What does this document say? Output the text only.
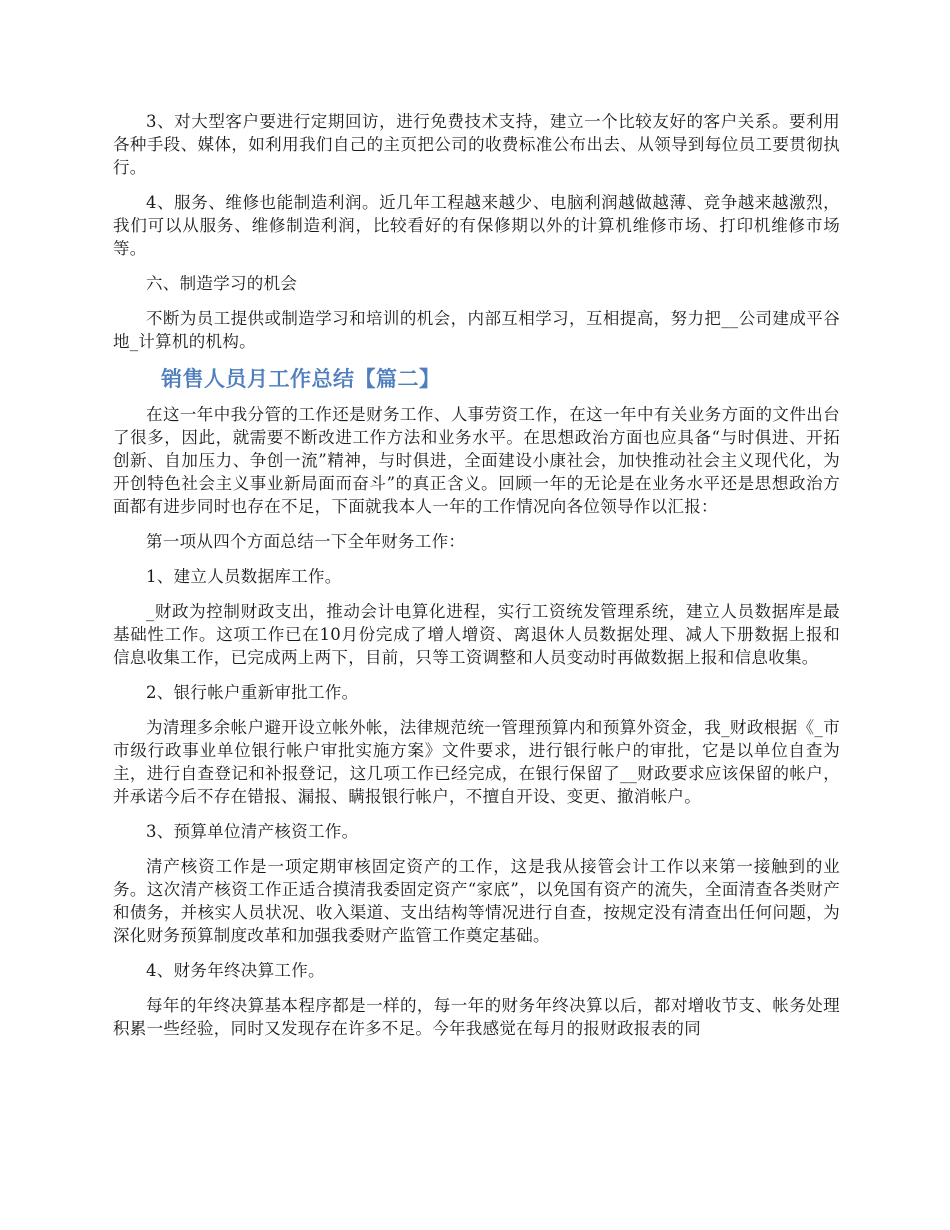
3、对大型客户要进行定期回访，进行免费技术支持，建立一个比较友好的客户关系。要利用各种手段、媒体，如利用我们自己的主页把公司的收费标准公布出去、从领导到每位员工要贯彻执行。

4、服务、维修也能制造利润。近几年工程越来越少、电脑利润越做越薄、竞争越来越激烈，我们可以从服务、维修制造利润，比较看好的有保修期以外的计算机维修市场、打印机维修市场等。

六、制造学习的机会

不断为员工提供或制造学习和培训的机会，内部互相学习，互相提高，努力把__公司建成平谷地_计算机的机构。

销售人员月工作总结【篇二】

在这一年中我分管的工作还是财务工作、人事劳资工作，在这一年中有关业务方面的文件出台了很多，因此，就需要不断改进工作方法和业务水平。在思想政治方面也应具备“与时俱进、开拓创新、自加压力、争创一流”精神，与时俱进，全面建设小康社会，加快推动社会主义现代化，为开创特色社会主义事业新局面而奋斗”的真正含义。回顾一年的无论是在业务水平还是思想政治方面都有进步同时也存在不足，下面就我本人一年的工作情况向各位领导作以汇报：

第一项从四个方面总结一下全年财务工作：

1、建立人员数据库工作。

_财政为控制财政支出，推动会计电算化进程，实行工资统发管理系统，建立人员数据库是最基础性工作。这项工作已在10月份完成了增人增资、离退休人员数据处理、减人下册数据上报和信息收集工作，已完成两上两下，目前，只等工资调整和人员变动时再做数据上报和信息收集。

2、银行帐户重新审批工作。

为清理多余帐户避开设立帐外帐，法律规范统一管理预算内和预算外资金，我_财政根据《_市市级行政事业单位银行帐户审批实施方案》文件要求，进行银行帐户的审批，它是以单位自查为主，进行自查登记和补报登记，这几项工作已经完成，在银行保留了__财政要求应该保留的帐户，并承诺今后不存在错报、漏报、瞒报银行帐户，不擅自开设、变更、撤消帐户。

3、预算单位清产核资工作。

清产核资工作是一项定期审核固定资产的工作，这是我从接管会计工作以来第一接触到的业务。这次清产核资工作正适合摸清我委固定资产“家底”，以免国有资产的流失，全面清查各类财产和债务，并核实人员状况、收入渠道、支出结构等情况进行自查，按规定没有清查出任何问题，为深化财务预算制度改革和加强我委财产监管工作奠定基础。

4、财务年终决算工作。

每年的年终决算基本程序都是一样的，每一年的财务年终决算以后，都对增收节支、帐务处理积累一些经验，同时又发现存在许多不足。今年我感觉在每月的报财政报表的同
